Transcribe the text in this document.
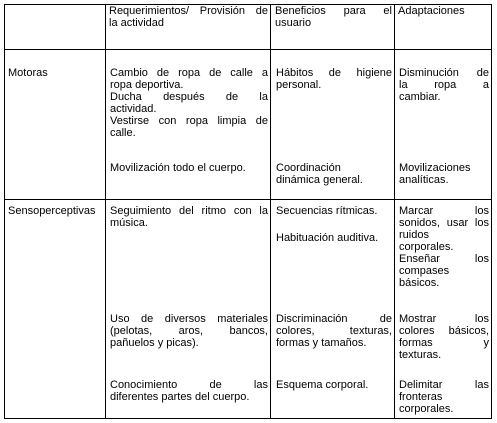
Requerimientos/ Provisión de
la actividad
Beneficios para el
usuario
Adaptaciones
Motoras	Cambio de ropa de calle a
ropa deportiva.
Ducha después de la
actividad.
Vestirse con ropa limpia de
calle.
Movilización todo el cuerpo.
Hábitos de higiene
personal.
Coordinación
dinámica general.
Disminución de
la ropa a
cambiar.
Movilizaciones
analíticas.
Sensoperceptivas	Seguimiento del ritmo con la
música.
Uso de diversos materiales
(pelotas, aros, bancos,
pañuelos y picas).
Conocimiento de las
diferentes partes del cuerpo.
Secuencias rítmicas.
Habituación auditiva.
Discriminación de
colores, texturas,
formas y tamaños.
Esquema corporal.
Marcar los
sonidos, usar los
ruidos
corporales.
Enseñar los
compases
básicos.
Mostrar los
colores básicos,
formas y
texturas.
Delimitar las
fronteras
corporales.
